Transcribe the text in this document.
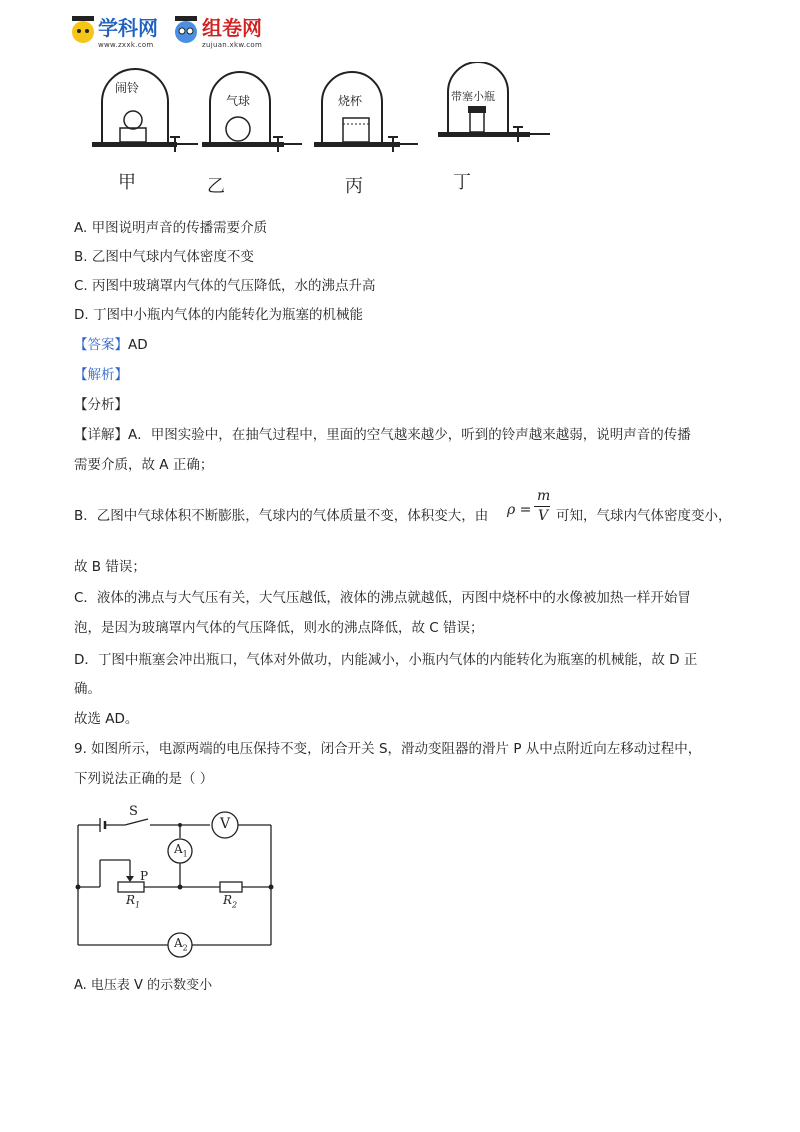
学科网
www.zxxk.com
组卷网
zujuan.xkw.com
闹铃
气球	烧杯	带塞小瓶
甲	乙	丙	丁
A. 甲图说明声音的传播需要介质
B. 乙图中气球内气体密度不变
C. 丙图中玻璃罩内气体的气压降低，水的沸点升高
D. 丁图中小瓶内气体的内能转化为瓶塞的机械能
【答案】AD
【解析】
【分析】
【详解】A．甲图实验中，在抽气过程中，里面的空气越来越少，听到的铃声越来越弱，说明声音的传播
需要介质，故 A 正确；
B．乙图中气球体积不断膨胀，气球内的气体质量不变，体积变大，由 ρ =
m
V 可知，气球内气体密度变小，
故 B 错误；
C．液体的沸点与大气压有关，大气压越低，液体的沸点就越低，丙图中烧杯中的水像被加热一样开始冒
泡，是因为玻璃罩内气体的气压降低，则水的沸点降低，故 C 错误；
D．丁图中瓶塞会冲出瓶口，气体对外做功，内能减小，小瓶内气体的内能转化为瓶塞的机械能，故 D 正
确。
故选 AD。
9. 如图所示，电源两端的电压保持不变，闭合开关 S，滑动变阻器的滑片 P 从中点附近向左移动过程中，
下列说法正确的是（ ）
S
V
$A_1$
P
$R_1$	$R_2$
$A_2$
A. 电压表 V 的示数变小
